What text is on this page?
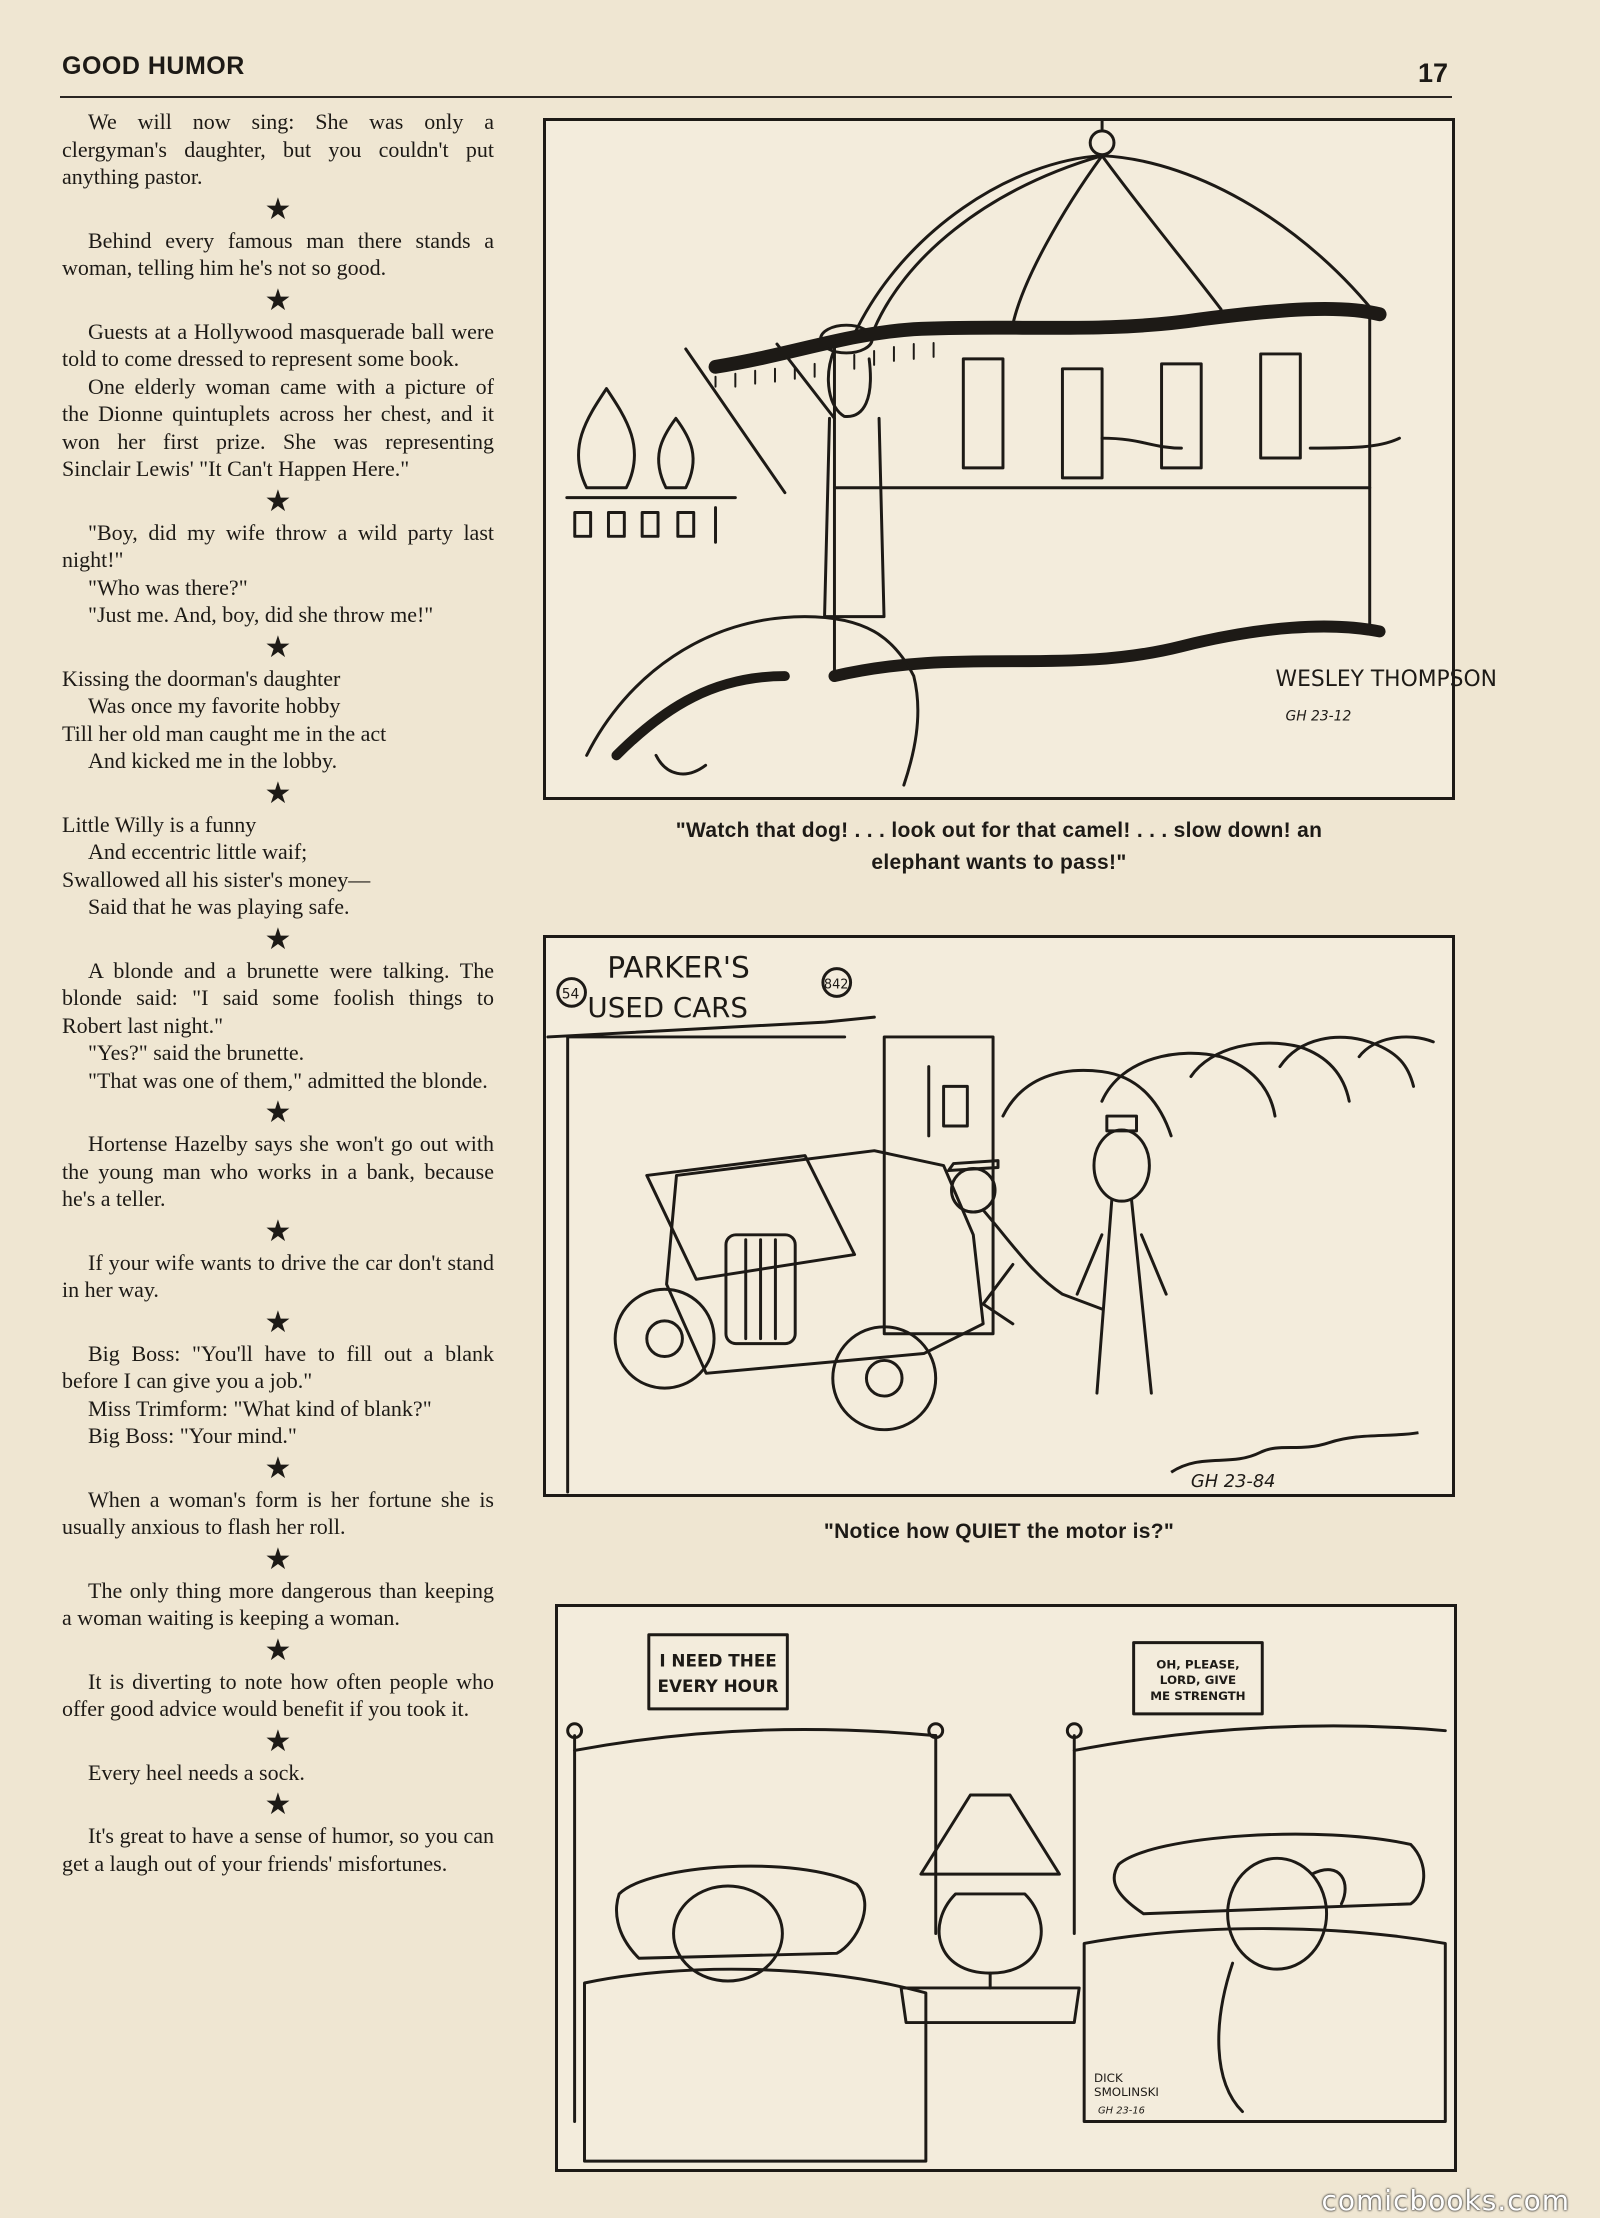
GOOD HUMOR	17

We will now sing: She was only a clergyman's daughter, but you couldn't put anything pastor.

★

Behind every famous man there stands a woman, telling him he's not so good.

★

Guests at a Hollywood masquerade ball were told to come dressed to represent some book.

One elderly woman came with a picture of the Dionne quintuplets across her chest, and it won her first prize. She was representing Sinclair Lewis' "It Can't Happen Here."

★

"Boy, did my wife throw a wild party last night!"

"Who was there?"

"Just me. And, boy, did she throw me!"

★

Kissing the doorman's daughter

Was once my favorite hobby

Till her old man caught me in the act

And kicked me in the lobby.

★

Little Willy is a funny

And eccentric little waif;

Swallowed all his sister's money—

Said that he was playing safe.

★

A blonde and a brunette were talking. The blonde said: "I said some foolish things to Robert last night."

"Yes?" said the brunette.

"That was one of them," admitted the blonde.

★

Hortense Hazelby says she won't go out with the young man who works in a bank, because he's a teller.

★

If your wife wants to drive the car don't stand in her way.

★

Big Boss: "You'll have to fill out a blank before I can give you a job."

Miss Trimform: "What kind of blank?"

Big Boss: "Your mind."

★

When a woman's form is her fortune she is usually anxious to flash her roll.

★

The only thing more dangerous than keeping a woman waiting is keeping a woman.

★

It is diverting to note how often people who offer good advice would benefit if you took it.

★

Every heel needs a sock.

★

It's great to have a sense of humor, so you can get a laugh out of your friends' misfortunes.

WESLEY THOMPSON
GH 23-12
"Watch that dog! . . . look out for that camel! . . . slow down! an
elephant wants to pass!"
PARKER'S
USED CARS
54
842
GH 23-84
"Notice how QUIET the motor is?"
I NEED THEE
EVERY HOUR
OH, PLEASE,
LORD, GIVE
ME STRENGTH
DICK
SMOLINSKI
GH 23-16
comicbooks.com
